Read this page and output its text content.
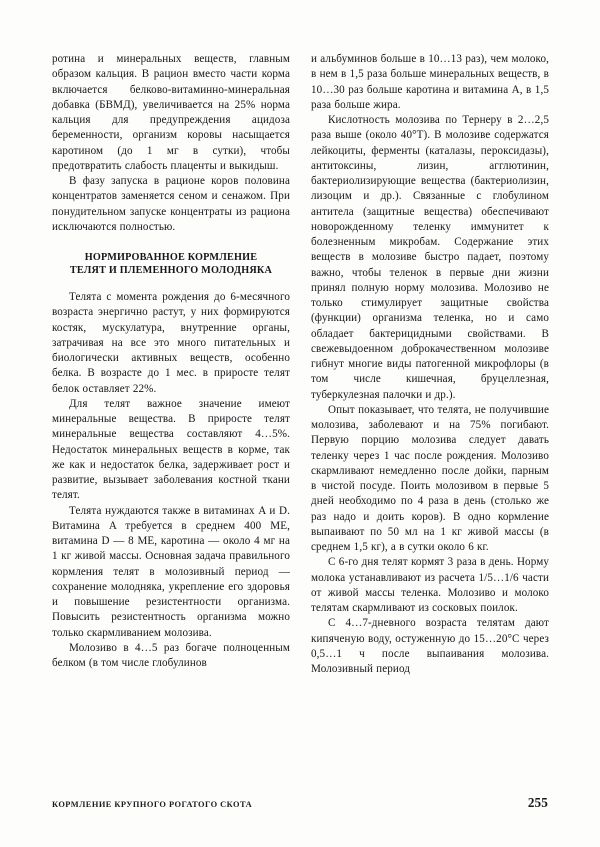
ротина и минеральных веществ, главным образом кальция. В рацион вместо части корма включается белково-витаминно-минеральная добавка (БВМД), увеличивается на 25% норма кальция для предупреждения ацидоза беременности, организм коровы насыщается каротином (до 1 мг в сутки), чтобы предотвратить слабость плаценты и выкидыш.

В фазу запуска в рационе коров половина концентратов заменяется сеном и сенажом. При понудительном запуске концентраты из рациона исключаются полностью.

НОРМИРОВАННОЕ КОРМЛЕНИЕ
ТЕЛЯТ И ПЛЕМЕННОГО МОЛОДНЯКА

Телята с момента рождения до 6-месячного возраста энергично растут, у них формируются костяк, мускулатура, внутренние органы, затрачивая на все это много питательных и биологически активных веществ, особенно белка. В возрасте до 1 мес. в приросте телят белок оставляет 22%.

Для телят важное значение имеют минеральные вещества. В приросте телят минеральные вещества составляют 4…5%. Недостаток минеральных веществ в корме, так же как и недостаток белка, задерживает рост и развитие, вызывает заболевания костной ткани телят.

Телята нуждаются также в витаминах A и D. Витамина A требуется в среднем 400 МЕ, витамина D — 8 МЕ, каротина — около 4 мг на 1 кг живой массы. Основная задача правильного кормления телят в молозивный период — сохранение молодняка, укрепление его здоровья и повышение резистентности организма. Повысить резистентность организма можно только скармливанием молозива.

Молозиво в 4…5 раз богаче полноценным белком (в том числе глобулинов

и альбуминов больше в 10…13 раз), чем молоко, в нем в 1,5 раза больше минеральных веществ, в 10…30 раз больше каротина и витамина A, в 1,5 раза больше жира.

Кислотность молозива по Тернеру в 2…2,5 раза выше (около 40°Т). В молозиве содержатся лейкоциты, ферменты (каталазы, пероксидазы), антитоксины, лизин, агглютинин, бактериолизирующие вещества (бактериолизин, лизоцим и др.). Связанные с глобулином антитела (защитные вещества) обеспечивают новорожденному теленку иммунитет к болезненным микробам. Содержание этих веществ в молозиве быстро падает, поэтому важно, чтобы теленок в первые дни жизни принял полную норму молозива. Молозиво не только стимулирует защитные свойства (функции) организма теленка, но и само обладает бактерицидными свойствами. В свежевыдоенном доброкачественном молозиве гибнут многие виды патогенной микрофлоры (в том числе кишечная, бруцеллезная, туберкулезная палочки и др.).

Опыт показывает, что телята, не получившие молозива, заболевают и на 75% погибают. Первую порцию молозива следует давать теленку через 1 час после рождения. Молозиво скармливают немедленно после дойки, парным в чистой посуде. Поить молозивом в первые 5 дней необходимо по 4 раза в день (столько же раз надо и доить коров). В одно кормление выпаивают по 50 мл на 1 кг живой массы (в среднем 1,5 кг), а в сутки около 6 кг.

С 6-го дня телят кормят 3 раза в день. Норму молока устанавливают из расчета 1/5…1/6 части от живой массы теленка. Молозиво и молоко телятам скармливают из сосковых поилок.

С 4…7-дневного возраста телятам дают кипяченую воду, остуженную до 15…20°С через 0,5…1 ч после выпаивания молозива. Молозивный период

КОРМЛЕНИЕ КРУПНОГО РОГАТОГО СКОТА	255
